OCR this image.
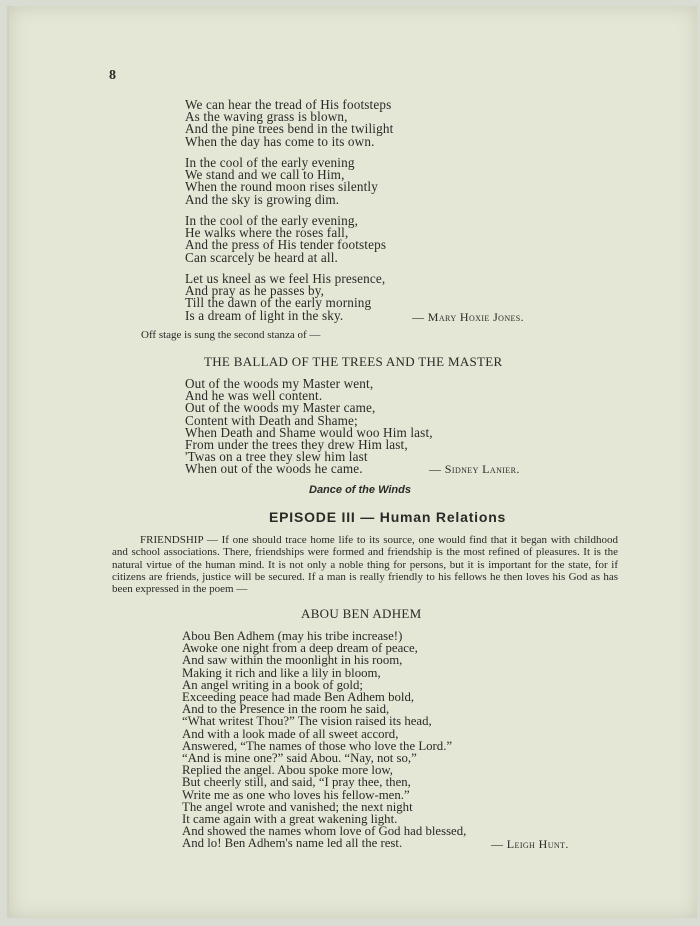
8
We can hear the tread of His footsteps
As the waving grass is blown,
And the pine trees bend in the twilight
When the day has come to its own.
In the cool of the early evening
We stand and we call to Him,
When the round moon rises silently
And the sky is growing dim.
In the cool of the early evening,
He walks where the roses fall,
And the press of His tender footsteps
Can scarcely be heard at all.
Let us kneel as we feel His presence,
And pray as he passes by,
Till the dawn of the early morning
Is a dream of light in the sky.	— Mary Hoxie Jones.
Off stage is sung the second stanza of —
THE BALLAD OF THE TREES AND THE MASTER
Out of the woods my Master went,
And he was well content.
Out of the woods my Master came,
Content with Death and Shame;
When Death and Shame would woo Him last,
From under the trees they drew Him last,
'Twas on a tree they slew him last
When out of the woods he came.	— Sidney Lanier.
Dance of the Winds
EPISODE III — Human Relations
FRIENDSHIP — If one should trace home life to its source, one would find that it began with childhood and school associations. There, friendships were formed and friendship is the most refined of pleasures. It is the natural virtue of the human mind. It is not only a noble thing for persons, but it is important for the state, for if citizens are friends, justice will be secured. If a man is really friendly to his fellows he then loves his God as has been expressed in the poem —
ABOU BEN ADHEM
Abou Ben Adhem (may his tribe increase!)
Awoke one night from a deep dream of peace,
And saw within the moonlight in his room,
Making it rich and like a lily in bloom,
An angel writing in a book of gold;
Exceeding peace had made Ben Adhem bold,
And to the Presence in the room he said,
“What writest Thou?” The vision raised its head,
And with a look made of all sweet accord,
Answered, “The names of those who love the Lord.”
“And is mine one?” said Abou. “Nay, not so,”
Replied the angel. Abou spoke more low,
But cheerly still, and said, “I pray thee, then,
Write me as one who loves his fellow-men.”
The angel wrote and vanished; the next night
It came again with a great wakening light.
And showed the names whom love of God had blessed,
And lo! Ben Adhem's name led all the rest.	— Leigh Hunt.
